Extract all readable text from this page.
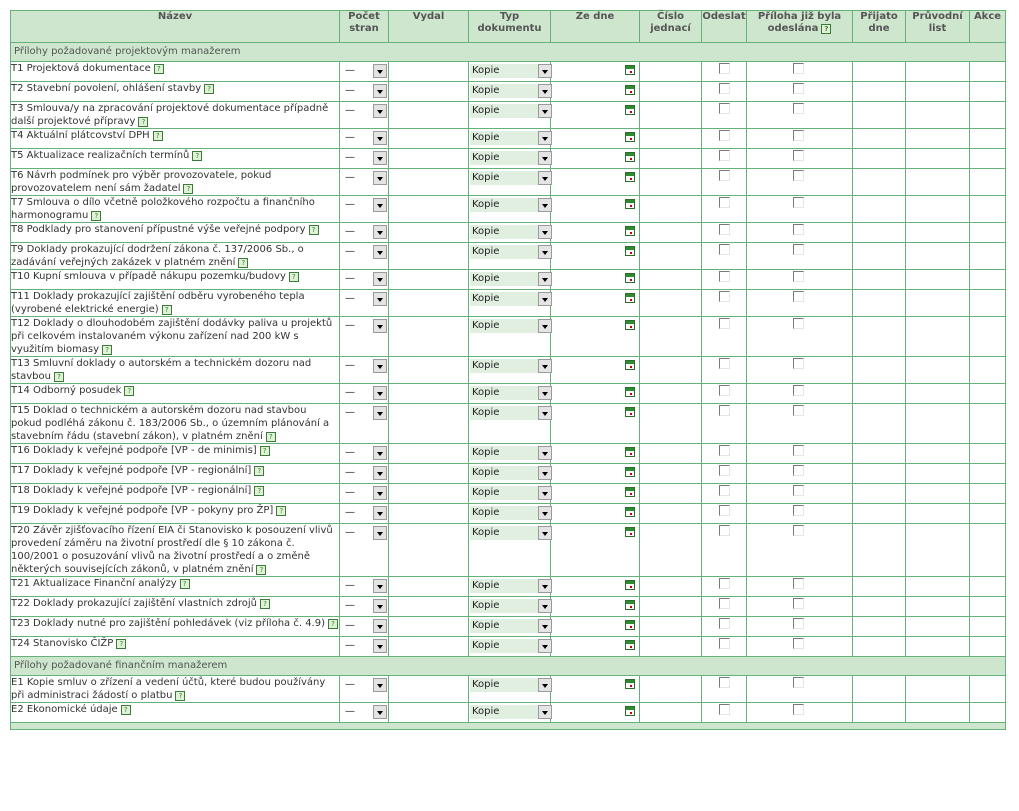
Název	Počet stran	Vydal	Typ dokumentu	Ze dne	Číslo jednací	Odeslat	Příloha již byla odeslána ?	Přijato dne	Průvodní list	Akce
Přílohy požadované projektovým manažerem										
T1 Projektová dokumentace ?	—		Kopie							

T2 Stavební povolení, ohlášení stavby ?	—		Kopie							

T3 Smlouva/y na zpracování projektové dokumentace případně další projektové přípravy ?	—		Kopie							

T4 Aktuální plátcovství DPH ?	—		Kopie							

T5 Aktualizace realizačních termínů ?	—		Kopie							

T6 Návrh podmínek pro výběr provozovatele, pokud provozovatelem není sám žadatel ?	—		Kopie							

T7 Smlouva o dílo včetně položkového rozpočtu a finančního harmonogramu ?	—		Kopie							

T8 Podklady pro stanovení přípustné výše veřejné podpory ?	—		Kopie							

T9 Doklady prokazující dodržení zákona č. 137/2006 Sb., o zadávání veřejných zakázek v platném znění ?	—		Kopie							

T10 Kupní smlouva v případě nákupu pozemku/budovy ?	—		Kopie							

T11 Doklady prokazující zajištění odběru vyrobeného tepla (vyrobené elektrické energie) ?	—		Kopie							

T12 Doklady o dlouhodobém zajištění dodávky paliva u projektů při celkovém instalovaném výkonu zařízení nad 200 kW s využitím biomasy ?	—		Kopie							

T13 Smluvní doklady o autorském a technickém dozoru nad stavbou ?	—		Kopie							

T14 Odborný posudek ?	—		Kopie							

T15 Doklad o technickém a autorském dozoru nad stavbou pokud podléhá zákonu č. 183/2006 Sb., o územním plánování a stavebním řádu (stavební zákon), v platném znění ?	—		Kopie							

T16 Doklady k veřejné podpoře [VP - de minimis] ?	—		Kopie							

T17 Doklady k veřejné podpoře [VP - regionální] ?	—		Kopie							

T18 Doklady k veřejné podpoře [VP - regionální] ?	—		Kopie							

T19 Doklady k veřejné podpoře [VP - pokyny pro ŽP] ?	—		Kopie							

T20 Závěr zjišťovacího řízení EIA či Stanovisko k posouzení vlivů provedení záměru na životní prostředí dle § 10 zákona č. 100/2001 o posuzování vlivů na životní prostředí a o změně některých souvisejících zákonů, v platném znění ?	—		Kopie							

T21 Aktualizace Finanční analýzy ?	—		Kopie							

T22 Doklady prokazující zajištění vlastních zdrojů ?	—		Kopie							

T23 Doklady nutné pro zajištění pohledávek (viz příloha č. 4.9) ?	—		Kopie							

T24 Stanovisko ČIŽP ?	—		Kopie							

Přílohy požadované finančním manažerem										
E1 Kopie smluv o zřízení a vedení účtů, které budou používány při administraci žádostí o platbu ?	—		Kopie							

E2 Ekonomické údaje ?	—		Kopie							
